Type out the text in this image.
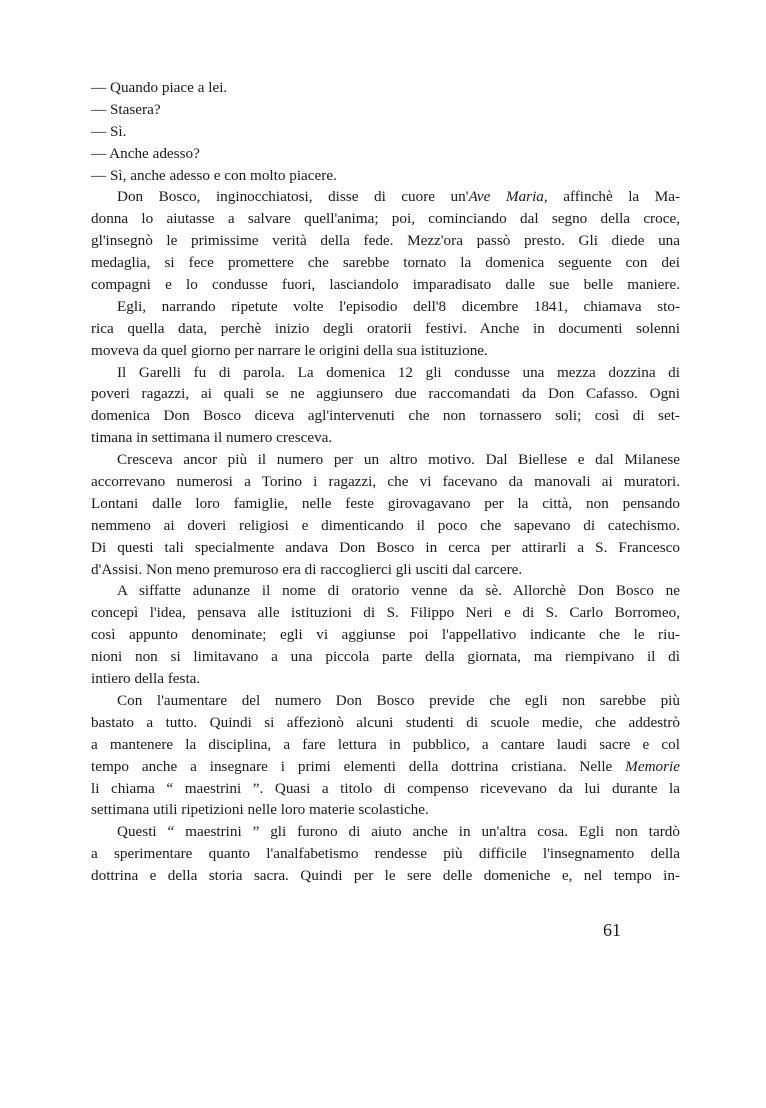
— Quando piace a lei.
— Stasera?
— Sì.
— Anche adesso?
— Sì, anche adesso e con molto piacere.
Don Bosco, inginocchiatosi, disse di cuore un'Ave Maria, affinchè la Ma-
donna lo aiutasse a salvare quell'anima; poi, cominciando dal segno della croce,
gl'insegnò le primissime verità della fede. Mezz'ora passò presto. Gli diede una
medaglia, si fece promettere che sarebbe tornato la domenica seguente con dei
compagni e lo condusse fuori, lasciandolo imparadisato dalle sue belle maniere.
Egli, narrando ripetute volte l'episodio dell'8 dicembre 1841, chiamava sto-
rica quella data, perchè inizio degli oratorii festivi. Anche in documenti solenni
moveva da quel giorno per narrare le origini della sua istituzione.
Il Garelli fu di parola. La domenica 12 gli condusse una mezza dozzina di
poveri ragazzi, ai quali se ne aggiunsero due raccomandati da Don Cafasso. Ogni
domenica Don Bosco diceva agl'intervenuti che non tornassero soli; così di set-
timana in settimana il numero cresceva.
Cresceva ancor più il numero per un altro motivo. Dal Biellese e dal Milanese
accorrevano numerosi a Torino i ragazzi, che vi facevano da manovali ai muratori.
Lontani dalle loro famiglie, nelle feste girovagavano per la città, non pensando
nemmeno ai doveri religiosi e dimenticando il poco che sapevano di catechismo.
Di questi tali specialmente andava Don Bosco in cerca per attirarli a S. Francesco
d'Assisi. Non meno premuroso era di raccoglierci gli usciti dal carcere.
A siffatte adunanze il nome di oratorio venne da sè. Allorchè Don Bosco ne
concepì l'idea, pensava alle istituzioni di S. Filippo Neri e di S. Carlo Borromeo,
così appunto denominate; egli vi aggiunse poi l'appellativo indicante che le riu-
nioni non si limitavano a una piccola parte della giornata, ma riempivano il dì
intiero della festa.
Con l'aumentare del numero Don Bosco previde che egli non sarebbe più
bastato a tutto. Quindi si affezionò alcuni studenti di scuole medie, che addestrò
a mantenere la disciplina, a fare lettura in pubblico, a cantare laudi sacre e col
tempo anche a insegnare i primi elementi della dottrina cristiana. Nelle Memorie
li chiama “ maestrini ”. Quasi a titolo di compenso ricevevano da lui durante la
settimana utili ripetizioni nelle loro materie scolastiche.
Questi “ maestrini ” gli furono di aiuto anche in un'altra cosa. Egli non tardò
a sperimentare quanto l'analfabetismo rendesse più difficile l'insegnamento della
dottrina e della storia sacra. Quindi per le sere delle domeniche e, nel tempo in-
61
